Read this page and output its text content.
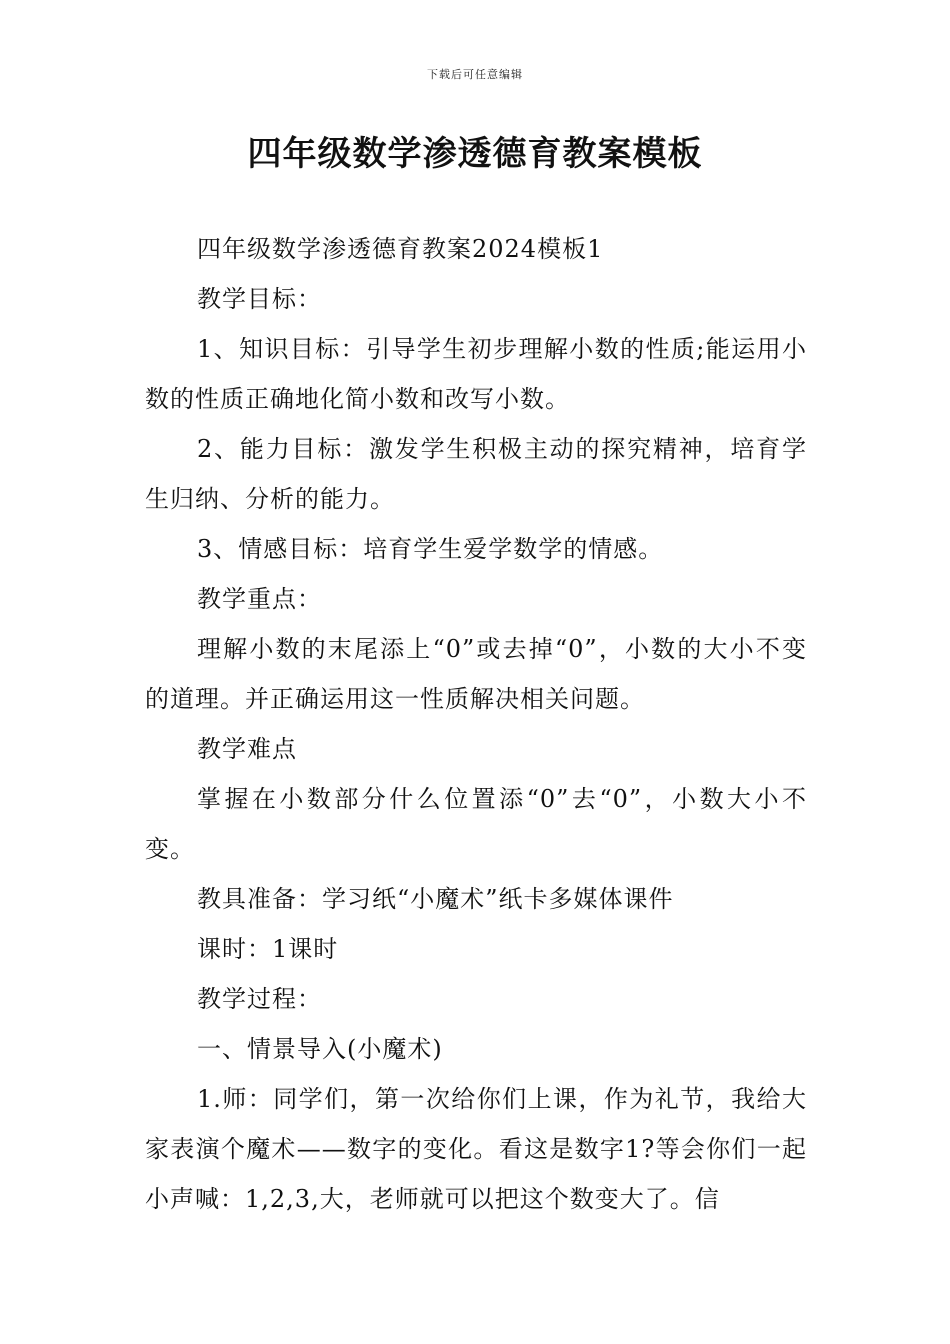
下载后可任意编辑
四年级数学渗透德育教案模板

四年级数学渗透德育教案2024模板1

教学目标：

1、知识目标：引导学生初步理解小数的性质;能运用小数的性质正确地化简小数和改写小数。

2、能力目标：激发学生积极主动的探究精神，培育学生归纳、分析的能力。

3、情感目标：培育学生爱学数学的情感。

教学重点：

理解小数的末尾添上“0”或去掉“0”，小数的大小不变的道理。并正确运用这一性质解决相关问题。

教学难点

掌握在小数部分什么位置添“0”去“0”，小数大小不变。

教具准备：学习纸“小魔术”纸卡多媒体课件

课时：1课时

教学过程：

一、情景导入(小魔术)

1.师：同学们，第一次给你们上课，作为礼节，我给大家表演个魔术——数字的变化。看这是数字1?等会你们一起小声喊：1,2,3,大，老师就可以把这个数变大了。信
